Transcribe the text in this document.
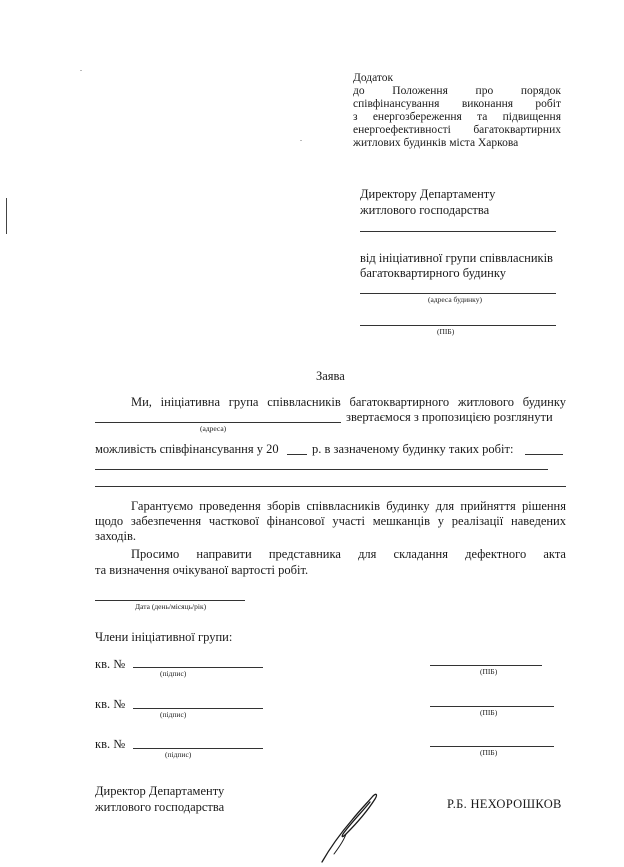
Додаток
до Положення про порядок
співфінансування виконання робіт
з енергозбереження та підвищення
енергоефективності багатоквартирних
житлових будинків міста Харкова
Директору Департаменту
житлового господарства
від ініціативної групи співвласників
багатоквартирного будинку
(адреса будинку)
(ПІБ)
Заява
Ми, ініціативна група співвласників багатоквартирного житлового будинку
звертаємося з пропозицією розглянути
(адреса)
можливість співфінансування у 20	р. в зазначеному будинку таких робіт:
Гарантуємо проведення зборів співвласників будинку для прийняття рішення щодо забезпечення часткової фінансової участі мешканців у реалізації наведених заходів.
Просимо направити представника для складання дефектного акта
та визначення очікуваної вартості робіт.
Дата (день/місяць/рік)
Члени ініціативної групи:
кв. №
(підпис)	(ПІБ)
кв. №
(підпис)	(ПІБ)
кв. №
(підпис)	(ПІБ)
Директор Департаменту
житлового господарства	Р.Б. НЕХОРОШКОВ
